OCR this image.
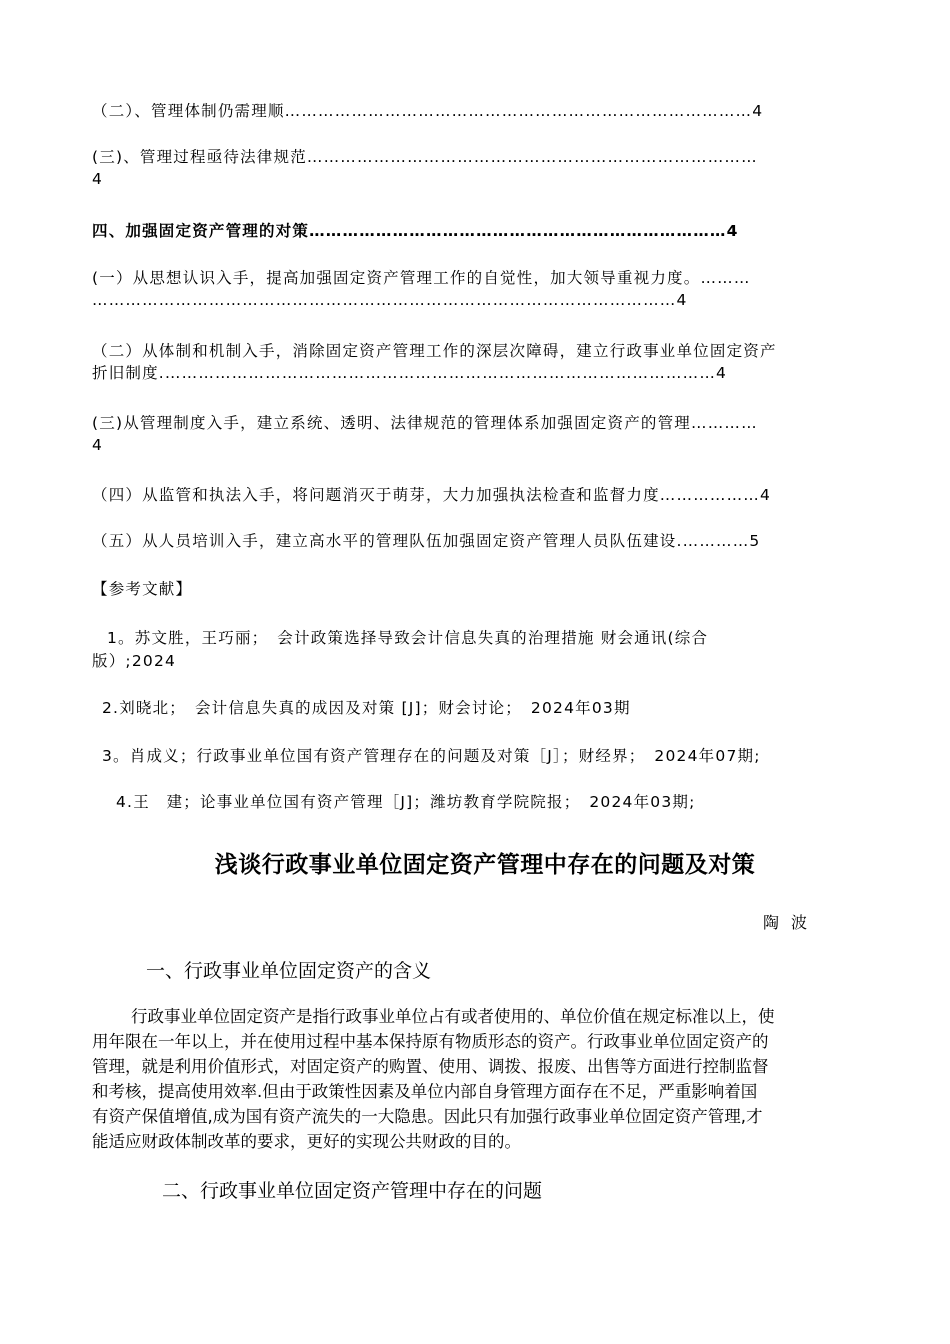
（二）、管理体制仍需理顺…………………………………………………………………………4
(三)、管理过程亟待法律规范………………………………………………………………………
4
四、加强固定资产管理的对策…………………………………………………………………4
(一）从思想认识入手，提高加强固定资产管理工作的自觉性，加大领导重视力度。………
……………………………………………………………………………………………4
（二）从体制和机制入手，消除固定资产管理工作的深层次障碍，建立行政事业单位固定资产
折旧制度.………………………………………………………………………………………4
(三)从管理制度入手，建立系统、透明、法律规范的管理体系加强固定资产的管理…………
4
（四）从监管和执法入手，将问题消灭于萌芽，大力加强执法检查和监督力度………………4
（五）从人员培训入手，建立高水平的管理队伍加强固定资产管理人员队伍建设.…………5
【参考文献】
1。苏文胜，王巧丽；　会计政策选择导致会计信息失真的治理措施 财会通讯(综合
版）;2024
2.刘晓北；　会计信息失真的成因及对策 [J]；财会讨论；　2024年03期
3。肖成义；行政事业单位国有资产管理存在的问题及对策［J］；财经界；　2024年07期;
4.王　建；论事业单位国有资产管理［J]；潍坊教育学院院报；　2024年03期;
浅谈行政事业单位固定资产管理中存在的问题及对策
陶波
一、行政事业单位固定资产的含义
行政事业单位固定资产是指行政事业单位占有或者使用的、单位价值在规定标准以上，使
用年限在一年以上，并在使用过程中基本保持原有物质形态的资产。行政事业单位固定资产的
管理，就是利用价值形式，对固定资产的购置、使用、调拨、报废、出售等方面进行控制监督
和考核，提高使用效率.但由于政策性因素及单位内部自身管理方面存在不足，严重影响着国
有资产保值增值,成为国有资产流失的一大隐患。因此只有加强行政事业单位固定资产管理,才
能适应财政体制改革的要求，更好的实现公共财政的目的。
二、行政事业单位固定资产管理中存在的问题
